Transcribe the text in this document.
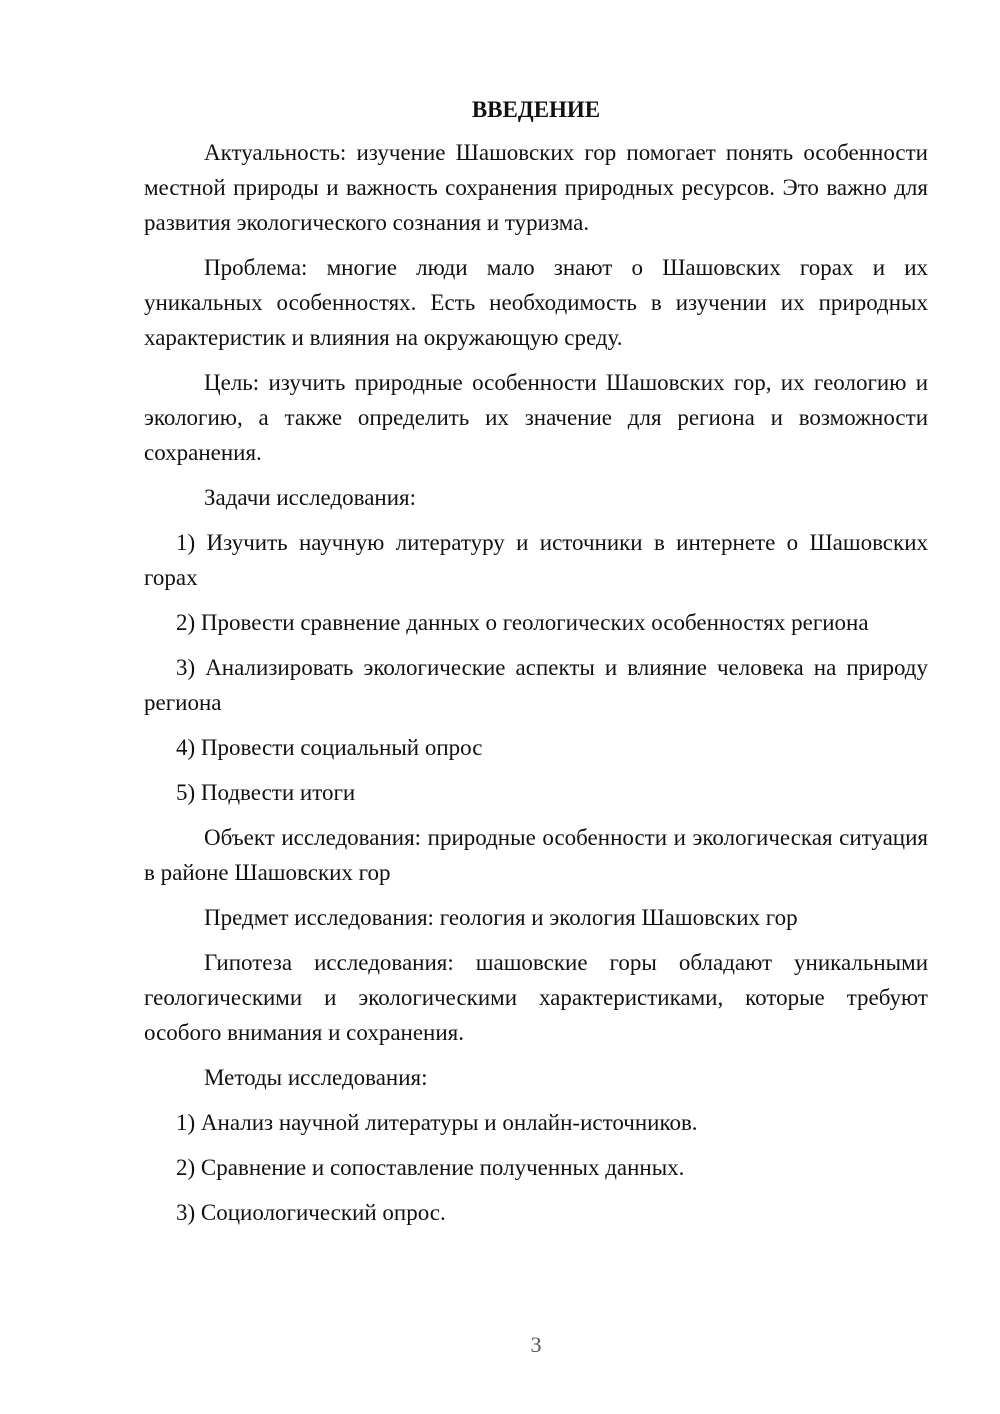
ВВЕДЕНИЕ
Актуальность: изучение Шашовских гор помогает понять особенности местной природы и важность сохранения природных ресурсов. Это важно для развития экологического сознания и туризма.
Проблема: многие люди мало знают о Шашовских горах и их уникальных особенностях. Есть необходимость в изучении их природных характеристик и влияния на окружающую среду.
Цель: изучить природные особенности Шашовских гор, их геологию и экологию, а также определить их значение для региона и возможности сохранения.
Задачи исследования:
1) Изучить научную литературу и источники в интернете о Шашовских горах
2) Провести сравнение данных о геологических особенностях региона
3) Анализировать экологические аспекты и влияние человека на природу региона
4) Провести социальный опрос
5) Подвести итоги
Объект исследования: природные особенности и экологическая ситуация в районе Шашовских гор
Предмет исследования: геология и экология Шашовских гор
Гипотеза исследования: шашовские горы обладают уникальными геологическими и экологическими характеристиками, которые требуют особого внимания и сохранения.
Методы исследования:
1) Анализ научной литературы и онлайн-источников.
2) Сравнение и сопоставление полученных данных.
3) Социологический опрос.
3
